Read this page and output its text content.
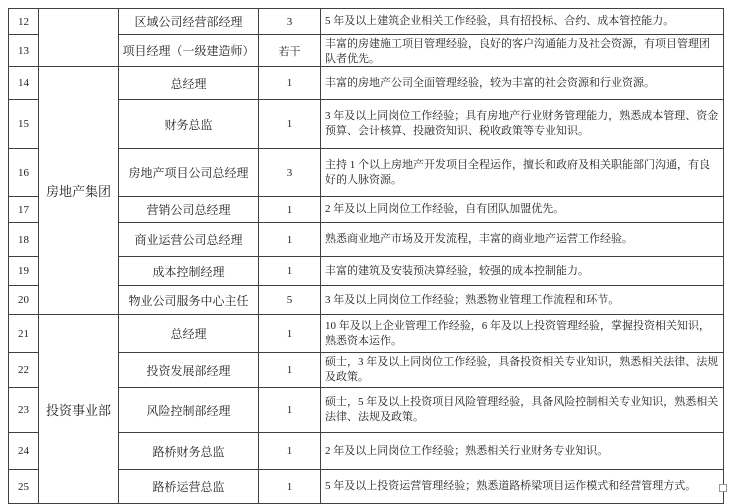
12		区域公司经营部经理	3	5 年及以上建筑企业相关工作经验，具有招投标、合约、成本管控能力。
13		项目经理（一级建造师）	若干	丰富的房建施工项目管理经验，良好的客户沟通能力及社会资源，有项目管理团队者优先。

14	房地产集团	总经理	1	丰富的房地产公司全面管理经验，较为丰富的社会资源和行业资源。
15		财务总监	1	3 年及以上同岗位工作经验；具有房地产行业财务管理能力，熟悉成本管理、资金预算、会计核算、投融资知识、税收政策等专业知识。
16		房地产项目公司总经理	3	主持 1 个以上房地产开发项目全程运作，擅长和政府及相关职能部门沟通，有良好的人脉资源。
17		营销公司总经理	1	2 年及以上同岗位工作经验，自有团队加盟优先。
18		商业运营公司总经理	1	熟悉商业地产市场及开发流程，丰富的商业地产运营工作经验。
19		成本控制经理	1	丰富的建筑及安装预决算经验，较强的成本控制能力。
20		物业公司服务中心主任	5	3 年及以上同岗位工作经验；熟悉物业管理工作流程和环节。
21	投资事业部	总经理	1	10 年及以上企业管理工作经验，6 年及以上投资管理经验，掌握投资相关知识，熟悉资本运作。
22		投资发展部经理	1	硕士，3 年及以上同岗位工作经验，具备投资相关专业知识，熟悉相关法律、法规及政策。
23		风险控制部经理	1	硕士，5 年及以上投资项目风险管理经验，具备风险控制相关专业知识，熟悉相关法律、法规及政策。
24		路桥财务总监	1	2 年及以上同岗位工作经验；熟悉相关行业财务专业知识。
25		路桥运营总监	1	5 年及以上投资运营管理经验；熟悉道路桥梁项目运作模式和经营管理方式。
